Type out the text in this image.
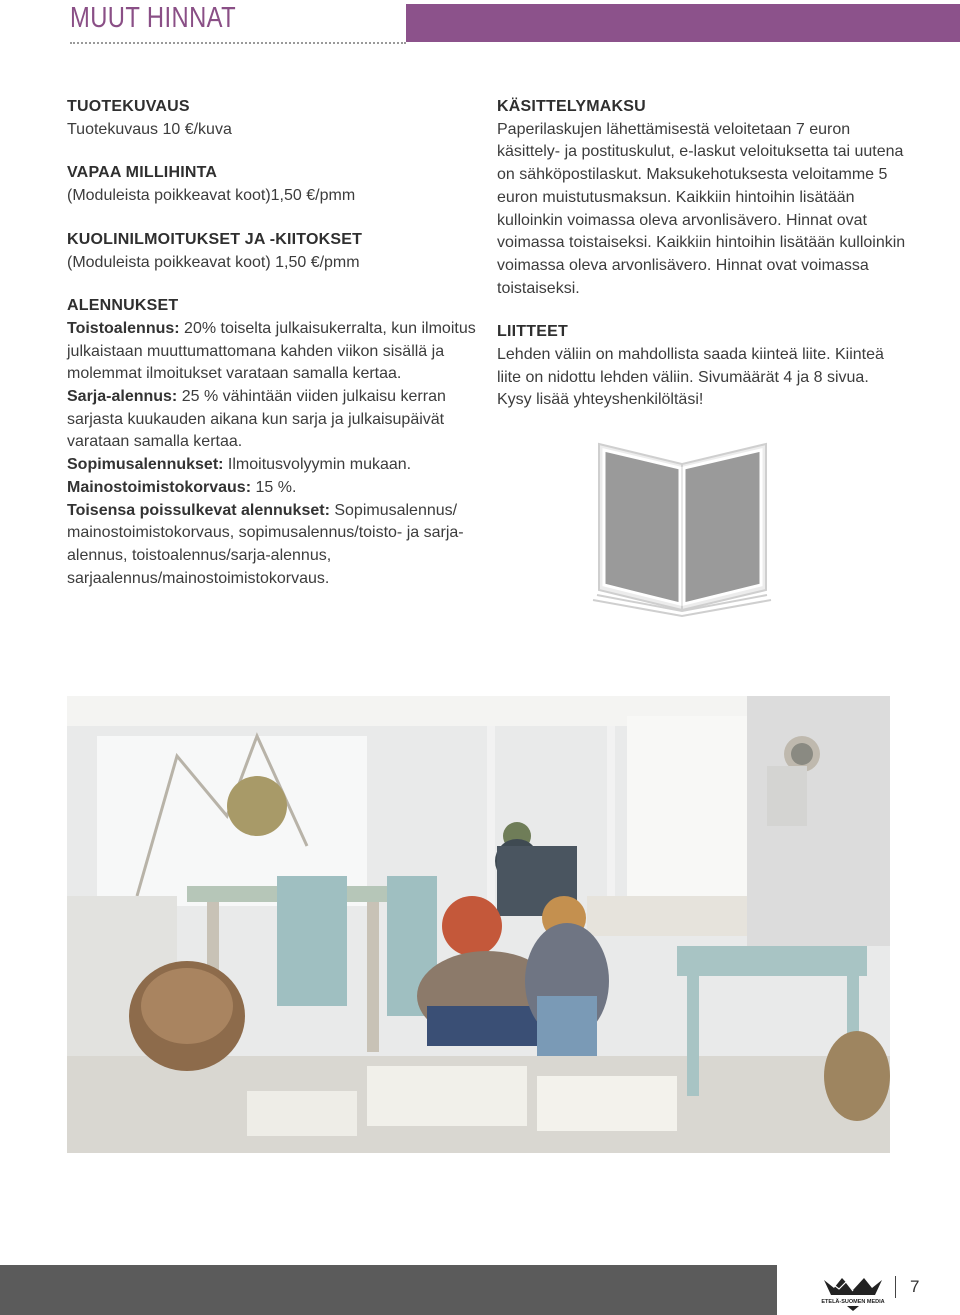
MUUT HINNAT
TUOTEKUVAUS
Tuotekuvaus 10 €/kuva
VAPAA MILLIHINTA
(Moduleista poikkeavat koot)1,50 €/pmm
KUOLINILMOITUKSET JA -KIITOKSET
(Moduleista poikkeavat koot) 1,50 €/pmm
ALENNUKSET
Toistoalennus: 20% toiselta julkaisukerralta, kun ilmoitus julkaistaan muuttumattomana kahden viikon sisällä ja molemmat ilmoitukset varataan samalla kertaa.
Sarja-alennus: 25 % vähintään viiden julkaisu kerran sarjasta kuukauden aikana kun sarja ja julkaisupäivät varataan samalla kertaa.
Sopimusalennukset: Ilmoitusvolyymin mukaan.
Mainostoimistokorvaus: 15 %.
Toisensa poissulkevat alennukset: Sopimusalennus/ mainostoimistokorvaus, sopimusalennus/toisto- ja sarja-alennus, toistoalennus/sarja-alennus, sarjaalennus/mainostoimistokorvaus.
KÄSITTELYMAKSU
Paperilaskujen lähettämisestä veloitetaan 7 euron käsittely- ja postituskulut, e-laskut veloituksetta tai uutena on sähköpostilaskut. Maksukehotuksesta veloitamme 5 euron muistutusmaksun. Kaikkiin hintoihin lisätään kulloinkin voimassa oleva arvonlisävero. Hinnat ovat voimassa toistaiseksi. Kaikkiin hintoihin lisätään kulloinkin voimassa oleva arvonlisävero. Hinnat ovat voimassa toistaiseksi.
LIITTEET
Lehden väliin on mahdollista saada kiinteä liite. Kiinteä liite on nidottu lehden väliin. Sivumäärät 4 ja 8 sivua. Kysy lisää yhteyshenkilöltäsi!
ETELÄ-SUOMEN MEDIA
7
